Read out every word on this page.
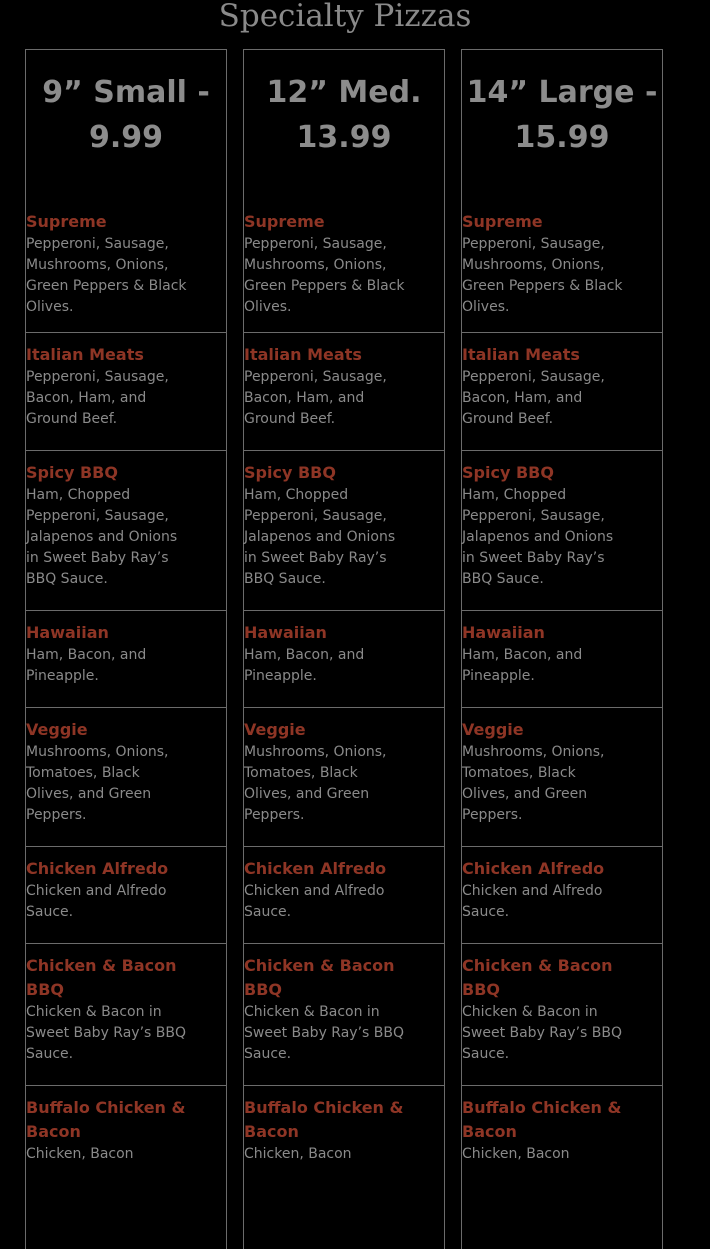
Specialty Pizzas
9” Small -
9.99
Supreme
Pepperoni, Sausage, Mushrooms, Onions, Green Peppers & Black Olives.
Italian Meats
Pepperoni, Sausage, Bacon, Ham, and Ground Beef.
Spicy BBQ
Ham, Chopped Pepperoni, Sausage, Jalapenos and Onions in Sweet Baby Ray’s BBQ Sauce.
Hawaiian
Ham, Bacon, and Pineapple.
Veggie
Mushrooms, Onions, Tomatoes, Black Olives, and Green Peppers.
Chicken Alfredo
Chicken and Alfredo Sauce.
Chicken & Bacon BBQ
Chicken & Bacon in Sweet Baby Ray’s BBQ Sauce.
Buffalo Chicken & Bacon
Chicken, Bacon
12” Med.
13.99
Supreme
Pepperoni, Sausage, Mushrooms, Onions, Green Peppers & Black Olives.
Italian Meats
Pepperoni, Sausage, Bacon, Ham, and Ground Beef.
Spicy BBQ
Ham, Chopped Pepperoni, Sausage, Jalapenos and Onions in Sweet Baby Ray’s BBQ Sauce.
Hawaiian
Ham, Bacon, and Pineapple.
Veggie
Mushrooms, Onions, Tomatoes, Black Olives, and Green Peppers.
Chicken Alfredo
Chicken and Alfredo Sauce.
Chicken & Bacon BBQ
Chicken & Bacon in Sweet Baby Ray’s BBQ Sauce.
Buffalo Chicken & Bacon
Chicken, Bacon
14” Large -
15.99
Supreme
Pepperoni, Sausage, Mushrooms, Onions, Green Peppers & Black Olives.
Italian Meats
Pepperoni, Sausage, Bacon, Ham, and Ground Beef.
Spicy BBQ
Ham, Chopped Pepperoni, Sausage, Jalapenos and Onions in Sweet Baby Ray’s BBQ Sauce.
Hawaiian
Ham, Bacon, and Pineapple.
Veggie
Mushrooms, Onions, Tomatoes, Black Olives, and Green Peppers.
Chicken Alfredo
Chicken and Alfredo Sauce.
Chicken & Bacon BBQ
Chicken & Bacon in Sweet Baby Ray’s BBQ Sauce.
Buffalo Chicken & Bacon
Chicken, Bacon
